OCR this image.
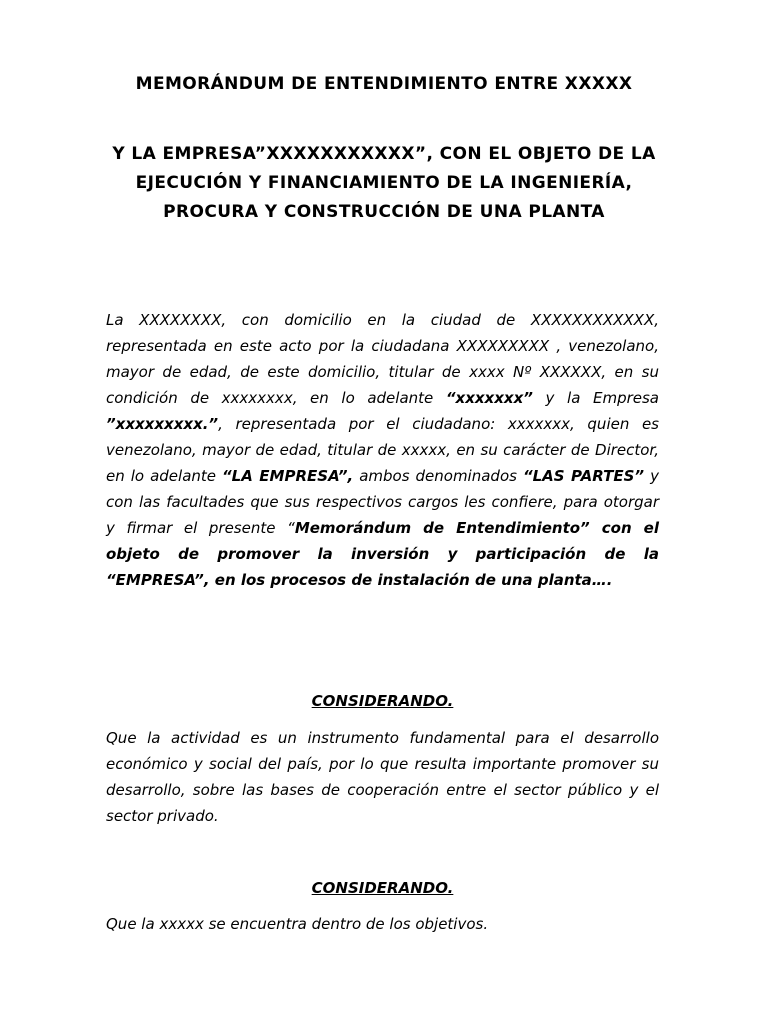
MEMORÁNDUM DE ENTENDIMIENTO ENTRE XXXXX

Y LA EMPRESA”XXXXXXXXXXX”, CON EL OBJETO DE LA EJECUCIÓN Y FINANCIAMIENTO DE LA INGENIERÍA, PROCURA Y CONSTRUCCIÓN DE UNA PLANTA

La XXXXXXXX, con domicilio en la ciudad de XXXXXXXXXXXX, representada en este acto por la ciudadana XXXXXXXXX , venezolano, mayor de edad, de este domicilio, titular de xxxx Nº XXXXXX, en su condición de xxxxxxxx, en lo adelante “xxxxxxx” y la Empresa ”xxxxxxxxx.”, representada por el ciudadano: xxxxxxx, quien es venezolano, mayor de edad, titular de xxxxx, en su carácter de Director, en lo adelante “LA EMPRESA”, ambos denominados “LAS PARTES” y con las facultades que sus respectivos cargos les confiere, para otorgar y firmar el presente “Memorándum de Entendimiento” con el objeto de promover la inversión y participación de la “EMPRESA”, en los procesos de instalación de una planta….

CONSIDERANDO.

Que la actividad es un instrumento fundamental para el desarrollo económico y social del país, por lo que resulta importante promover su desarrollo, sobre las bases de cooperación entre el sector público y el sector privado.

CONSIDERANDO.

Que la xxxxx se encuentra dentro de los objetivos.
